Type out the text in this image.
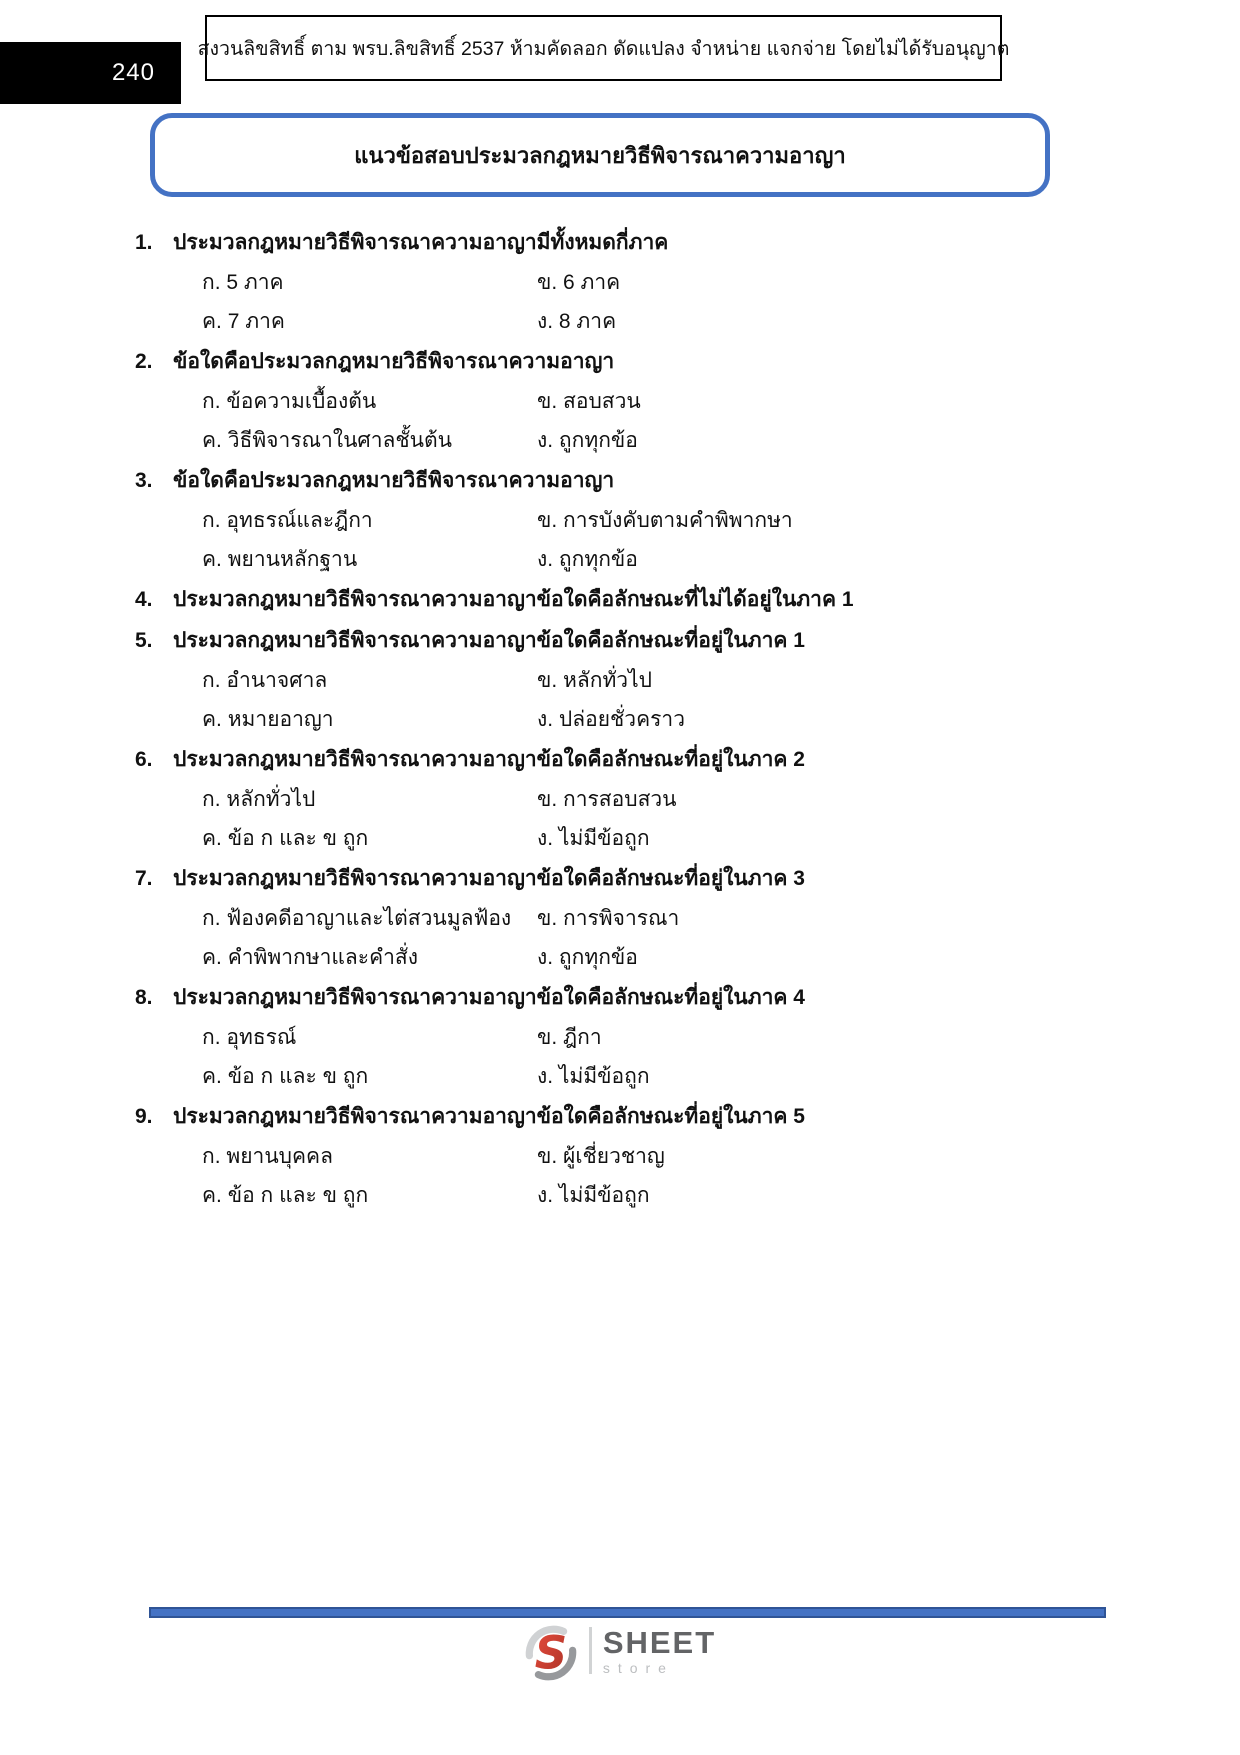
240
สงวนลิขสิทธิ์ ตาม พรบ.ลิขสิทธิ์ 2537 ห้ามคัดลอก ดัดแปลง จำหน่าย แจกจ่าย โดยไม่ได้รับอนุญาต
แนวข้อสอบประมวลกฎหมายวิธีพิจารณาความอาญา
1. ประมวลกฎหมายวิธีพิจารณาความอาญามีทั้งหมดกี่ภาค
ก. 5 ภาค	ข. 6 ภาค
ค. 7 ภาค	ง. 8 ภาค
2. ข้อใดคือประมวลกฎหมายวิธีพิจารณาความอาญา
ก. ข้อความเบื้องต้น	ข. สอบสวน
ค. วิธีพิจารณาในศาลชั้นต้น	ง. ถูกทุกข้อ
3. ข้อใดคือประมวลกฎหมายวิธีพิจารณาความอาญา
ก. อุทธรณ์และฎีกา	ข. การบังคับตามคำพิพากษา
ค. พยานหลักฐาน	ง. ถูกทุกข้อ
4. ประมวลกฎหมายวิธีพิจารณาความอาญาข้อใดคือลักษณะที่ไม่ได้อยู่ในภาค 1
5. ประมวลกฎหมายวิธีพิจารณาความอาญาข้อใดคือลักษณะที่อยู่ในภาค 1
ก. อำนาจศาล	ข. หลักทั่วไป
ค. หมายอาญา	ง. ปล่อยชั่วคราว
6. ประมวลกฎหมายวิธีพิจารณาความอาญาข้อใดคือลักษณะที่อยู่ในภาค 2
ก. หลักทั่วไป	ข. การสอบสวน
ค. ข้อ ก และ ข ถูก	ง. ไม่มีข้อถูก
7. ประมวลกฎหมายวิธีพิจารณาความอาญาข้อใดคือลักษณะที่อยู่ในภาค 3
ก. ฟ้องคดีอาญาและไต่สวนมูลฟ้อง	ข. การพิจารณา
ค. คำพิพากษาและคำสั่ง	ง. ถูกทุกข้อ
8. ประมวลกฎหมายวิธีพิจารณาความอาญาข้อใดคือลักษณะที่อยู่ในภาค 4
ก. อุทธรณ์	ข. ฎีกา
ค. ข้อ ก และ ข ถูก	ง. ไม่มีข้อถูก
9. ประมวลกฎหมายวิธีพิจารณาความอาญาข้อใดคือลักษณะที่อยู่ในภาค 5
ก. พยานบุคคล	ข. ผู้เชี่ยวชาญ
ค. ข้อ ก และ ข ถูก	ง. ไม่มีข้อถูก
S SHEET
store
